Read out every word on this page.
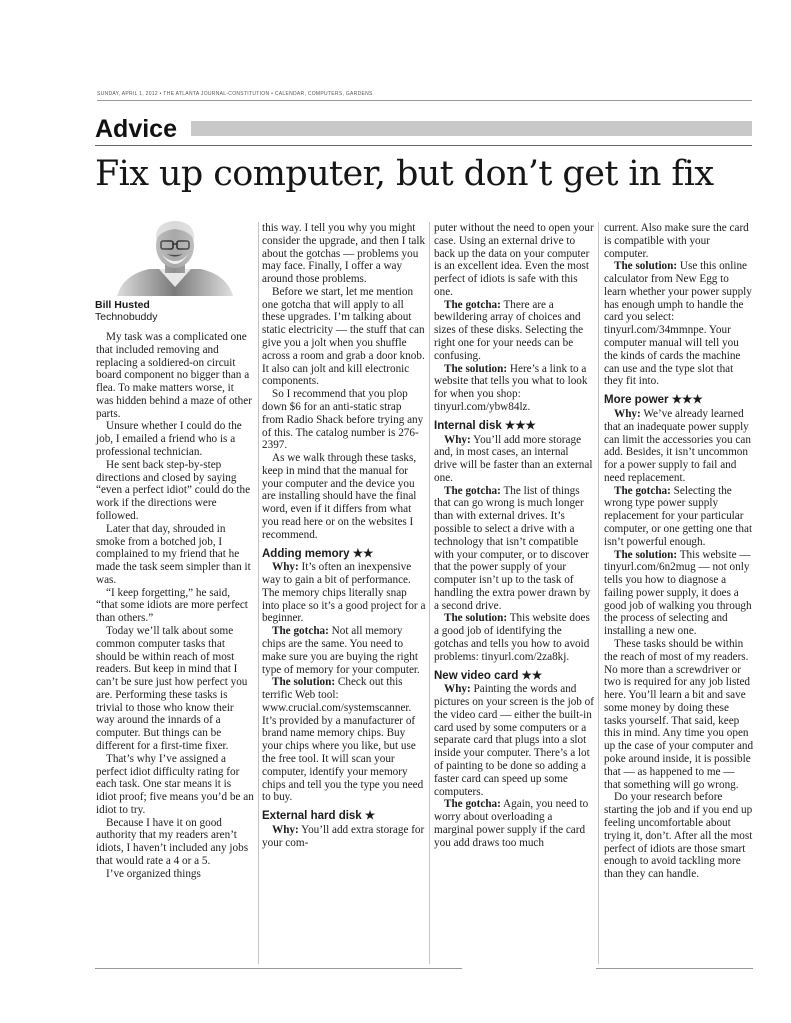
SUNDAY, APRIL 1, 2012 • THE ATLANTA JOURNAL-CONSTITUTION • CALENDAR, COMPUTERS, GARDENS
Advice
Fix up computer, but don’t get in fix
Bill Husted
Technobuddy

My task was a complicated one that included removing and replacing a soldiered-on circuit board component no bigger than a flea. To make matters worse, it was hidden behind a maze of other parts.

Unsure whether I could do the job, I emailed a friend who is a professional technician.

He sent back step-by-step directions and closed by saying “even a perfect idiot” could do the work if the directions were followed.

Later that day, shrouded in smoke from a botched job, I complained to my friend that he made the task seem simpler than it was.

“I keep forgetting,” he said, “that some idiots are more perfect than others.”

Today we’ll talk about some common computer tasks that should be within reach of most readers. But keep in mind that I can’t be sure just how perfect you are. Performing these tasks is trivial to those who know their way around the innards of a computer. But things can be different for a first-time fixer.

That’s why I’ve assigned a perfect idiot difficulty rating for each task. One star means it is idiot proof; five means you’d be an idiot to try.

Because I have it on good authority that my readers aren’t idiots, I haven’t included any jobs that would rate a 4 or a 5.

I’ve organized things

this way. I tell you why you might consider the upgrade, and then I talk about the gotchas — problems you may face. Finally, I offer a way around those problems.

Before we start, let me mention one gotcha that will apply to all these upgrades. I’m talking about static electricity — the stuff that can give you a jolt when you shuffle across a room and grab a door knob. It also can jolt and kill electronic components.

So I recommend that you plop down $6 for an anti-static strap from Radio Shack before trying any of this. The catalog number is 276-2397.

As we walk through these tasks, keep in mind that the manual for your computer and the device you are installing should have the final word, even if it differs from what you read here or on the websites I recommend.

Adding memory ★★

Why: It’s often an inexpensive way to gain a bit of performance. The memory chips literally snap into place so it’s a good project for a beginner.

The gotcha: Not all memory chips are the same. You need to make sure you are buying the right type of memory for your computer.

The solution: Check out this terrific Web tool: www.crucial.com/systemscanner. It’s provided by a manufacturer of brand name memory chips. Buy your chips where you like, but use the free tool. It will scan your computer, identify your memory chips and tell you the type you need to buy.

External hard disk ★

Why: You’ll add extra storage for your com-

puter without the need to open your case. Using an external drive to back up the data on your computer is an excellent idea. Even the most perfect of idiots is safe with this one.

The gotcha: There are a bewildering array of choices and sizes of these disks. Selecting the right one for your needs can be confusing.

The solution: Here’s a link to a website that tells you what to look for when you shop: tinyurl.com/ybw84lz.

Internal disk ★★★

Why: You’ll add more storage and, in most cases, an internal drive will be faster than an external one.

The gotcha: The list of things that can go wrong is much longer than with external drives. It’s possible to select a drive with a technology that isn’t compatible with your computer, or to discover that the power supply of your computer isn’t up to the task of handling the extra power drawn by a second drive.

The solution: This website does a good job of identifying the gotchas and tells you how to avoid problems: tinyurl.com/2za8kj.

New video card ★★

Why: Painting the words and pictures on your screen is the job of the video card — either the built-in card used by some computers or a separate card that plugs into a slot inside your computer. There’s a lot of painting to be done so adding a faster card can speed up some computers.

The gotcha: Again, you need to worry about overloading a marginal power supply if the card you add draws too much

current. Also make sure the card is compatible with your computer.

The solution: Use this online calculator from New Egg to learn whether your power supply has enough umph to handle the card you select: tinyurl.com/34mmnpe. Your computer manual will tell you the kinds of cards the machine can use and the type slot that they fit into.

More power ★★★

Why: We’ve already learned that an inadequate power supply can limit the accessories you can add. Besides, it isn’t uncommon for a power supply to fail and need replacement.

The gotcha: Selecting the wrong type power supply replacement for your particular computer, or one getting one that isn’t powerful enough.

The solution: This website — tinyurl.com/6n2mug — not only tells you how to diagnose a failing power supply, it does a good job of walking you through the process of selecting and installing a new one.

These tasks should be within the reach of most of my readers. No more than a screwdriver or two is required for any job listed here. You’ll learn a bit and save some money by doing these tasks yourself. That said, keep this in mind. Any time you open up the case of your computer and poke around inside, it is possible that — as happened to me — that something will go wrong.

Do your research before starting the job and if you end up feeling uncomfortable about trying it, don’t. After all the most perfect of idiots are those smart enough to avoid tackling more than they can handle.
